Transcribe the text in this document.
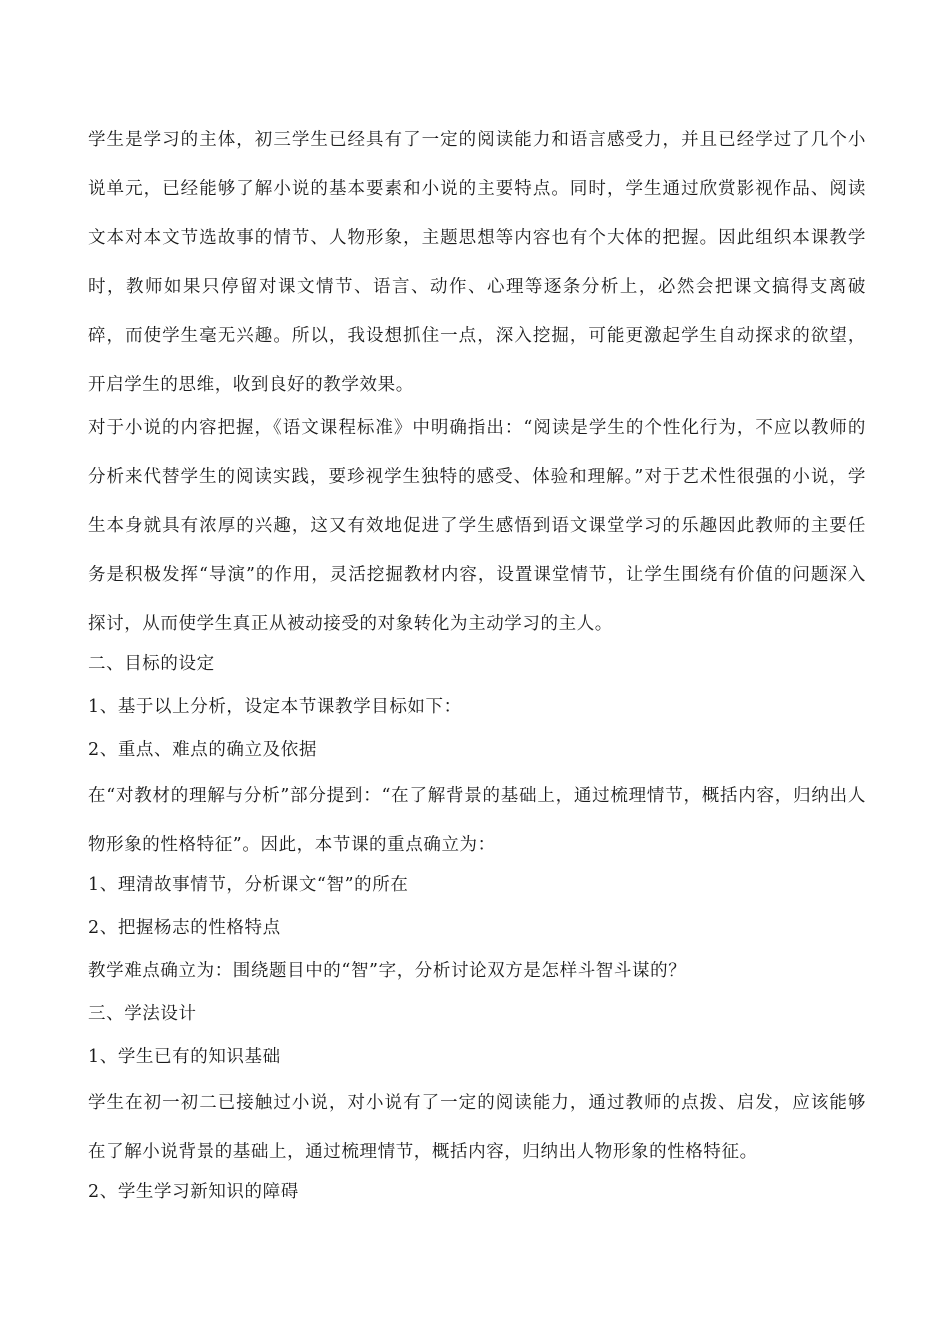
学生是学习的主体，初三学生已经具有了一定的阅读能力和语言感受力，并且已经学过了几个小说单元，已经能够了解小说的基本要素和小说的主要特点。同时，学生通过欣赏影视作品、阅读文本对本文节选故事的情节、人物形象，主题思想等内容也有个大体的把握。因此组织本课教学时，教师如果只停留对课文情节、语言、动作、心理等逐条分析上，必然会把课文搞得支离破碎，而使学生毫无兴趣。所以，我设想抓住一点，深入挖掘，可能更激起学生自动探求的欲望，开启学生的思维，收到良好的教学效果。

对于小说的内容把握，《语文课程标准》中明确指出：“阅读是学生的个性化行为，不应以教师的分析来代替学生的阅读实践，要珍视学生独特的感受、体验和理解。”对于艺术性很强的小说，学生本身就具有浓厚的兴趣，这又有效地促进了学生感悟到语文课堂学习的乐趣因此教师的主要任务是积极发挥“导演”的作用，灵活挖掘教材内容，设置课堂情节，让学生围绕有价值的问题深入探讨，从而使学生真正从被动接受的对象转化为主动学习的主人。

二、目标的设定

1、基于以上分析，设定本节课教学目标如下：

2、重点、难点的确立及依据

在“对教材的理解与分析”部分提到：“在了解背景的基础上，通过梳理情节，概括内容，归纳出人物形象的性格特征”。因此，本节课的重点确立为：

1、理清故事情节，分析课文“智”的所在

2、把握杨志的性格特点

教学难点确立为：围绕题目中的“智”字，分析讨论双方是怎样斗智斗谋的？

三、学法设计

1、学生已有的知识基础

学生在初一初二已接触过小说，对小说有了一定的阅读能力，通过教师的点拨、启发，应该能够在了解小说背景的基础上，通过梳理情节，概括内容，归纳出人物形象的性格特征。

2、学生学习新知识的障碍
